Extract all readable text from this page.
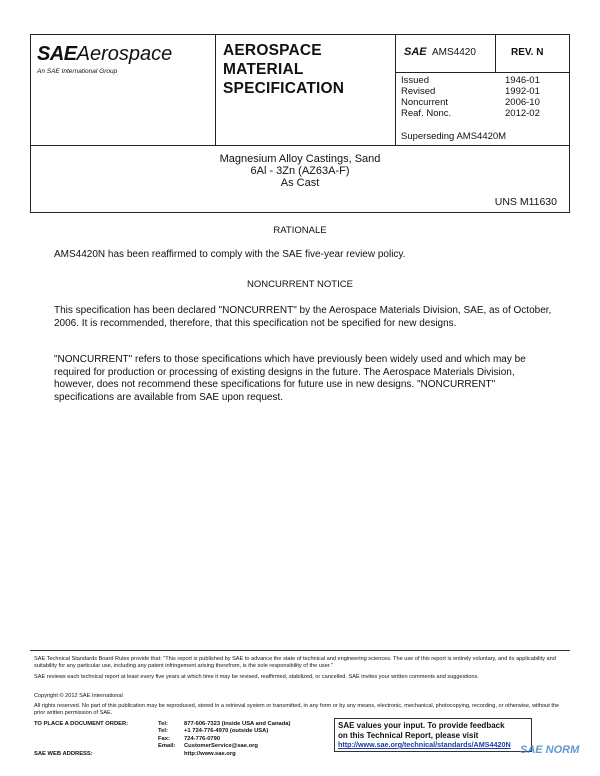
SAEAerospace
An SAE International Group
AEROSPACE
MATERIAL
SPECIFICATION
SAE AMS4420	REV. N
Issued	1946-01
Revised	1992-01
Noncurrent	2006-10
Reaf. Nonc.	2012-02
Superseding AMS4420M
Magnesium Alloy Castings, Sand
6Al - 3Zn (AZ63A-F)
As Cast
UNS M11630
RATIONALE
AMS4420N has been reaffirmed to comply with the SAE five-year review policy.
NONCURRENT NOTICE
This specification has been declared "NONCURRENT" by the Aerospace Materials Division, SAE, as of October, 2006. It is recommended, therefore, that this specification not be specified for new designs.
"NONCURRENT" refers to those specifications which have previously been widely used and which may be required for production or processing of existing designs in the future. The Aerospace Materials Division, however, does not recommend these specifications for future use in new designs. "NONCURRENT" specifications are available from SAE upon request.
SAE Technical Standards Board Rules provide that: "This report is published by SAE to advance the state of technical and engineering sciences. The use of this report is entirely voluntary, and its applicability and suitability for any particular use, including any patent infringement arising therefrom, is the sole responsibility of the user."
SAE reviews each technical report at least every five years at which time it may be revised, reaffirmed, stabilized, or cancelled. SAE invites your written comments and suggestions.
Copyright © 2012 SAE International
All rights reserved. No part of this publication may be reproduced, stored in a retrieval system or transmitted, in any form or by any means, electronic, mechanical, photocopying, recording, or otherwise, without the prior written permission of SAE.
TO PLACE A DOCUMENT ORDER:	Tel:	877-606-7323 (inside USA and Canada)
Tel:	+1 724-776-4970 (outside USA)
Fax: 724-776-0790
Email: CustomerService@sae.org
SAE WEB ADDRESS:	http://www.sae.org
SAE values your input. To provide feedback
on this Technical Report, please visit
http://www.sae.org/technical/standards/AMS4420N SAE NORM
